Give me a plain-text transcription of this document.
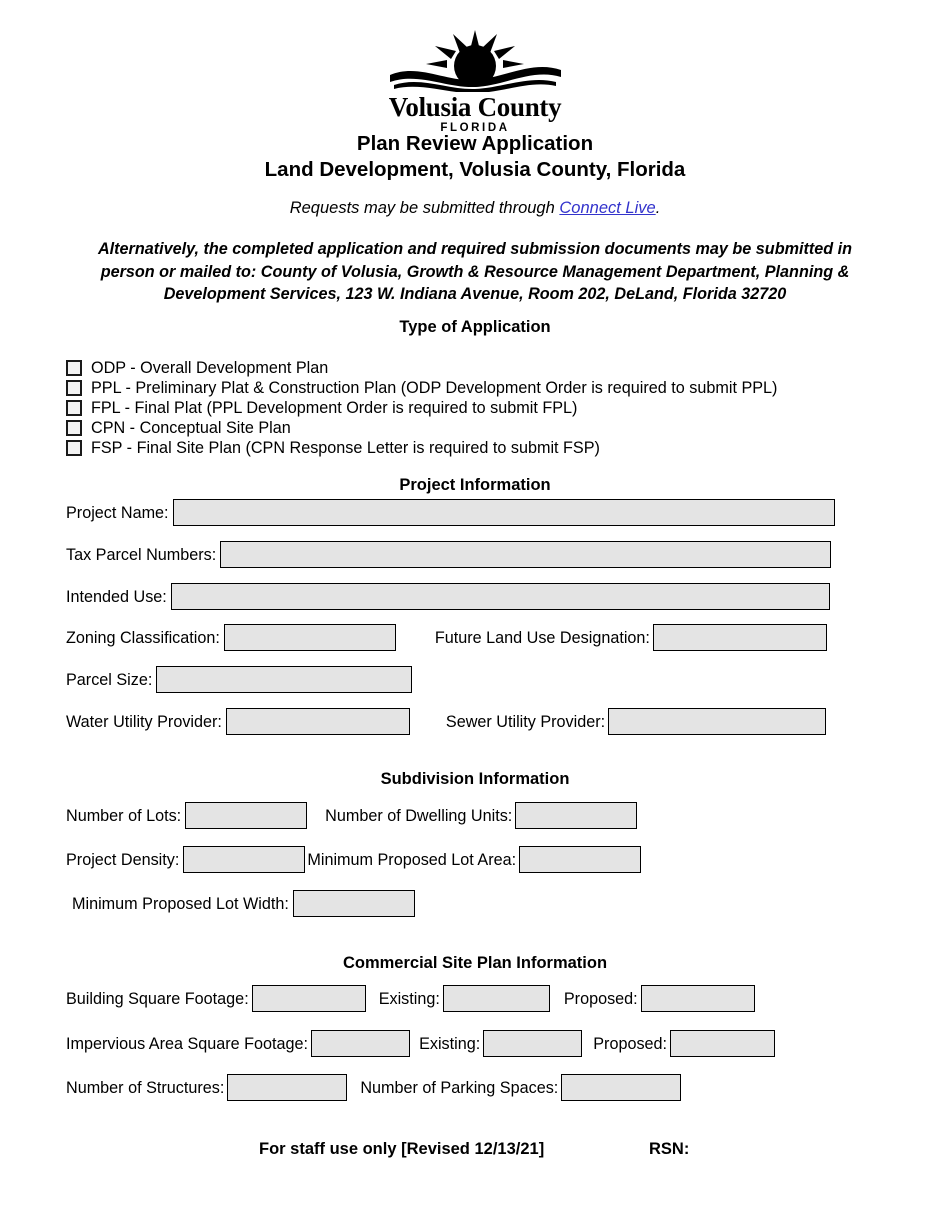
Volusia County
FLORIDA
Plan Review Application
Land Development, Volusia County, Florida
Requests may be submitted through Connect Live.
Alternatively, the completed application and required submission documents may be submitted in person or mailed to: County of Volusia, Growth & Resource Management Department, Planning & Development Services, 123 W. Indiana Avenue, Room 202, DeLand, Florida 32720
Type of Application
ODP - Overall Development Plan
PPL - Preliminary Plat & Construction Plan (ODP Development Order is required to submit PPL)
FPL - Final Plat (PPL Development Order is required to submit FPL)
CPN - Conceptual Site Plan
FSP - Final Site Plan (CPN Response Letter is required to submit FSP)
Project Information
Project Name:
Tax Parcel Numbers:
Intended Use:
Zoning Classification:	Future Land Use Designation:
Parcel Size:
Water Utility Provider:	Sewer Utility Provider:
Subdivision Information
Number of Lots:	Number of Dwelling Units:
Project Density:	Minimum Proposed Lot Area:
Minimum Proposed Lot Width:
Commercial Site Plan Information
Building Square Footage:	Existing:	Proposed:
Impervious Area Square Footage:	Existing:	Proposed:
Number of Structures:	Number of Parking Spaces:
For staff use only [Revised 12/13/21]	RSN:
